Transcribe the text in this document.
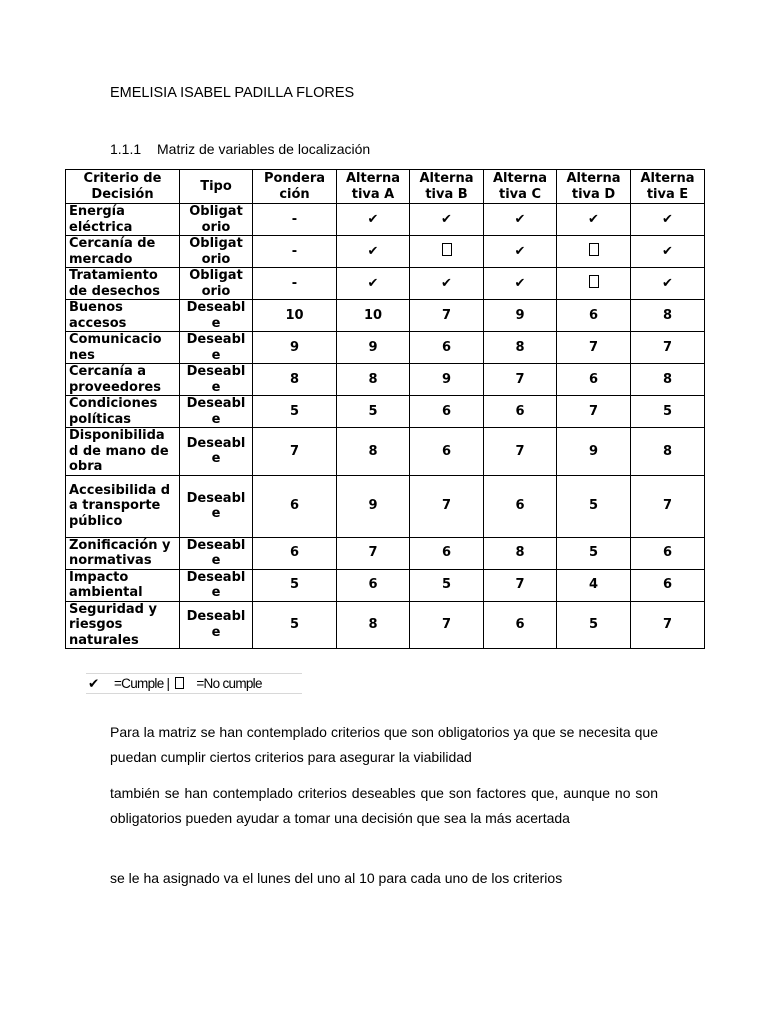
EMELISIA ISABEL PADILLA FLORES
1.1.1 Matriz de variables de localización
Criterio de Decisión	Tipo	Pondera ción	Alterna tiva A	Alterna tiva B	Alterna tiva C	Alterna tiva D	Alterna tiva E
Energía eléctrica	Obligat orio	-	✔	✔	✔	✔	✔
Cercanía de mercado	Obligat orio	-	✔		✔		✔
Tratamiento de desechos	Obligat orio	-	✔	✔	✔		✔
Buenos accesos	Deseabl e	10	10	7	9	6	8
Comunicacio nes	Deseabl e	9	9	6	8	7	7
Cercanía a proveedores	Deseabl e	8	8	9	7	6	8
Condiciones políticas	Deseabl e	5	5	6	6	7	5
Disponibilida d de mano de obra	Deseabl e	7	8	6	7	9	8
Accesibilida d a transporte público	Deseabl e	6	9	7	6	5	7
Zonificación y normativas	Deseabl e	6	7	6	8	5	6
Impacto ambiental	Deseabl e	5	6	5	7	4	6
Seguridad y riesgos naturales	Deseabl e	5	8	7	6	5	7
✔ =Cumple | ☒ =No cumple
Para la matriz se han contemplado criterios que son obligatorios ya que se necesita que puedan cumplir ciertos criterios para asegurar la viabilidad
también se han contemplado criterios deseables que son factores que, aunque no son obligatorios pueden ayudar a tomar una decisión que sea la más acertada
se le ha asignado va el lunes del uno al 10 para cada uno de los criterios
